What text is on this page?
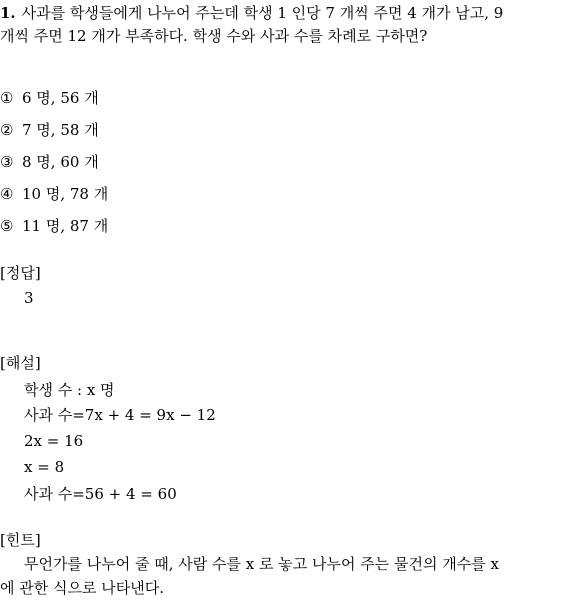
1. 사과를 학생들에게 나누어 주는데 학생 1 인당 7 개씩 주면 4 개가 남고, 9
개씩 주면 12 개가 부족하다. 학생 수와 사과 수를 차례로 구하면?
① 6 명, 56 개
② 7 명, 58 개
③ 8 명, 60 개
④ 10 명, 78 개
⑤ 11 명, 87 개
[정답]
3
[해설]
학생 수 : x 명
사과 수=7x + 4 = 9x − 12
2x = 16
x = 8
사과 수=56 + 4 = 60
[힌트]
무언가를 나누어 줄 때, 사람 수를 x 로 놓고 나누어 주는 물건의 개수를 x
에 관한 식으로 나타낸다.
